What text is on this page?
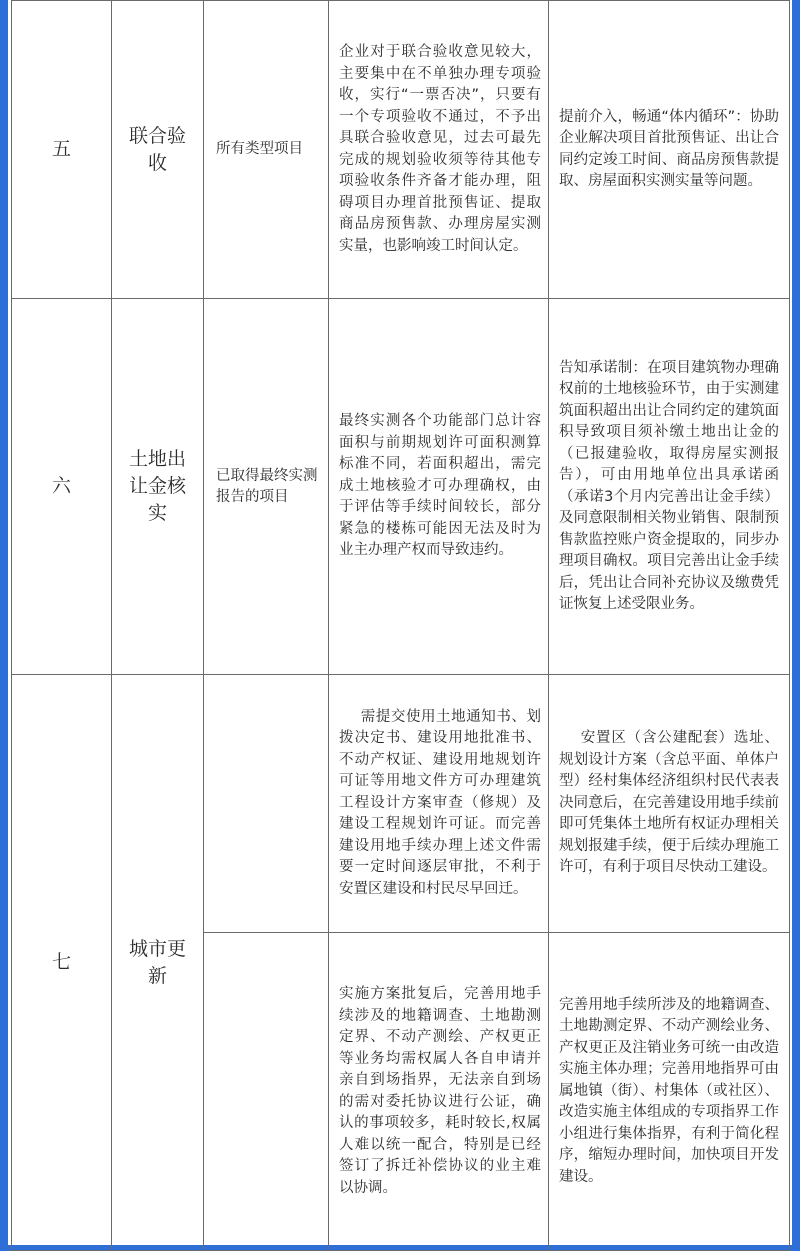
五	联合验收	所有类型项目	企业对于联合验收意见较大，主要集中在不单独办理专项验收，实行“一票否决”，只要有一个专项验收不通过，不予出具联合验收意见，过去可最先完成的规划验收须等待其他专项验收条件齐备才能办理，阻碍项目办理首批预售证、提取商品房预售款、办理房屋实测实量，也影响竣工时间认定。	提前介入，畅通“体内循环”：协助企业解决项目首批预售证、出让合同约定竣工时间、商品房预售款提取、房屋面积实测实量等问题。
六	土地出让金核实	已取得最终实测报告的项目	最终实测各个功能部门总计容面积与前期规划许可面积测算标准不同，若面积超出，需完成土地核验才可办理确权，由于评估等手续时间较长，部分紧急的楼栋可能因无法及时为业主办理产权而导致违约。	告知承诺制：在项目建筑物办理确权前的土地核验环节，由于实测建筑面积超出出让合同约定的建筑面积导致项目须补缴土地出让金的（已报建验收，取得房屋实测报告），可由用地单位出具承诺函（承诺3个月内完善出让金手续）及同意限制相关物业销售、限制预售款监控账户资金提取的，同步办理项目确权。项目完善出让金手续后，凭出让合同补充协议及缴费凭证恢复上述受限业务。
七	城市更新		需提交使用土地通知书、划拨决定书、建设用地批准书、不动产权证、建设用地规划许可证等用地文件方可办理建筑工程设计方案审查（修规）及建设工程规划许可证。而完善建设用地手续办理上述文件需要一定时间逐层审批，不利于安置区建设和村民尽早回迁。	安置区（含公建配套）选址、规划设计方案（含总平面、单体户型）经村集体经济组织村民代表表决同意后，在完善建设用地手续前即可凭集体土地所有权证办理相关规划报建手续，便于后续办理施工许可，有利于项目尽快动工建设。
			实施方案批复后，完善用地手续涉及的地籍调查、土地勘测定界、不动产测绘、产权更正等业务均需权属人各自申请并亲自到场指界，无法亲自到场的需对委托协议进行公证，确认的事项较多，耗时较长,权属人难以统一配合，特别是已经签订了拆迁补偿协议的业主难以协调。	完善用地手续所涉及的地籍调查、土地勘测定界、不动产测绘业务、产权更正及注销业务可统一由改造实施主体办理；完善用地指界可由属地镇（街）、村集体（或社区）、改造实施主体组成的专项指界工作小组进行集体指界，有利于简化程序，缩短办理时间，加快项目开发建设。
